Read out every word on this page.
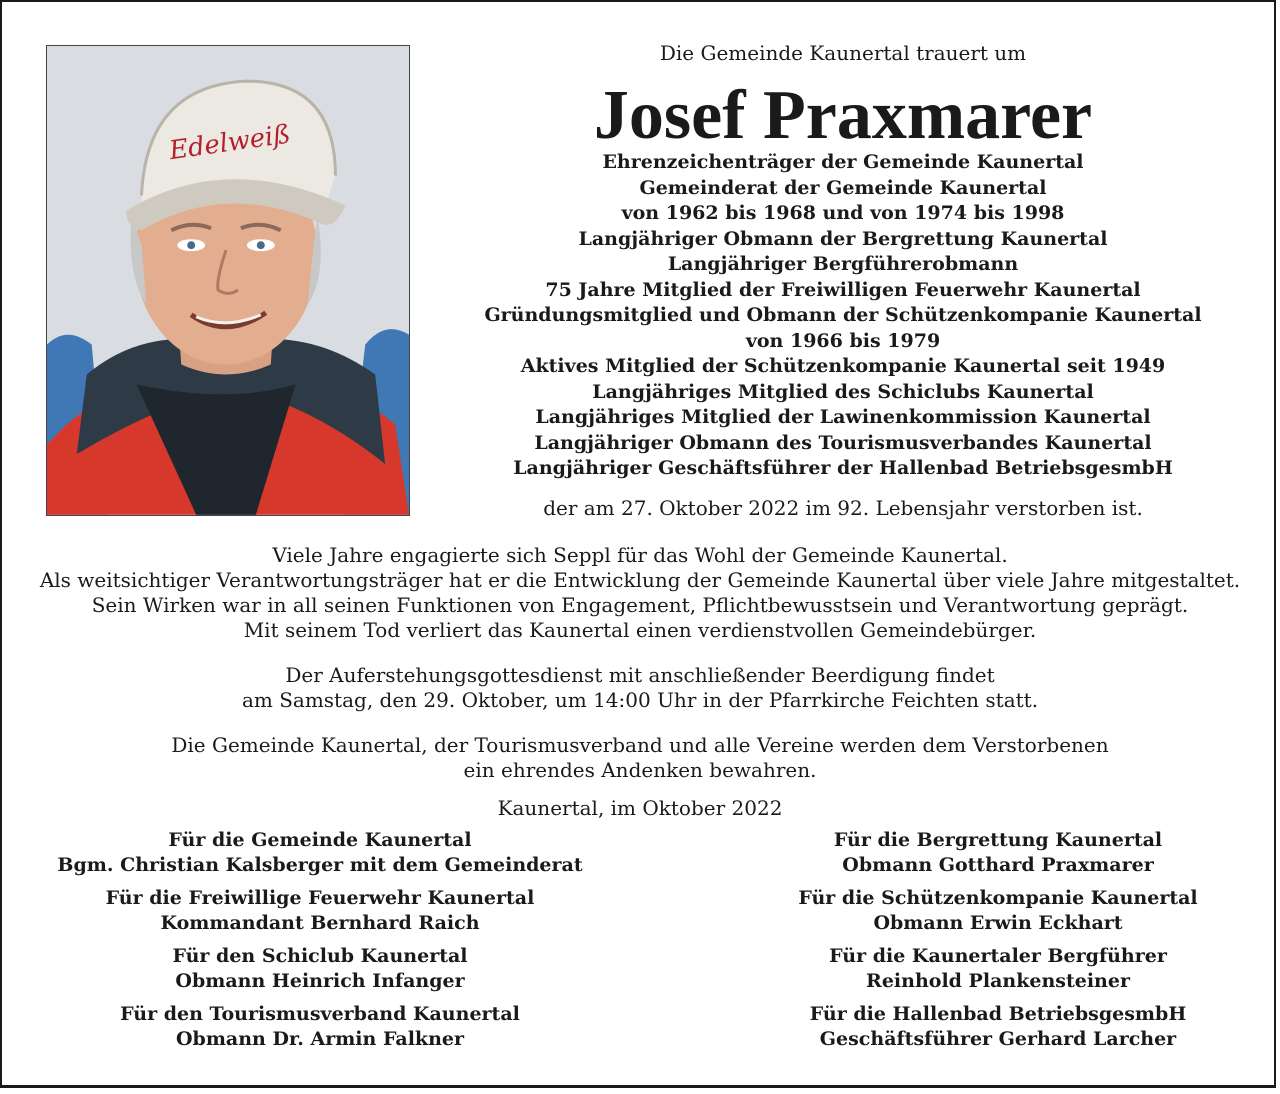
Edelweiß
Die Gemeinde Kaunertal trauert um
Josef Praxmarer
Ehrenzeichenträger der Gemeinde Kaunertal
Gemeinderat der Gemeinde Kaunertal
von 1962 bis 1968 und von 1974 bis 1998
Langjähriger Obmann der Bergrettung Kaunertal
Langjähriger Bergführerobmann
75 Jahre Mitglied der Freiwilligen Feuerwehr Kaunertal
Gründungsmitglied und Obmann der Schützenkompanie Kaunertal
von 1966 bis 1979
Aktives Mitglied der Schützenkompanie Kaunertal seit 1949
Langjähriges Mitglied des Schiclubs Kaunertal
Langjähriges Mitglied der Lawinenkommission Kaunertal
Langjähriger Obmann des Tourismusverbandes Kaunertal
Langjähriger Geschäftsführer der Hallenbad BetriebsgesmbH
der am 27. Oktober 2022 im 92. Lebensjahr verstorben ist.
Viele Jahre engagierte sich Seppl für das Wohl der Gemeinde Kaunertal.
Als weitsichtiger Verantwortungsträger hat er die Entwicklung der Gemeinde Kaunertal über viele Jahre mitgestaltet.
Sein Wirken war in all seinen Funktionen von Engagement, Pflichtbewusstsein und Verantwortung geprägt.
Mit seinem Tod verliert das Kaunertal einen verdienstvollen Gemeindebürger.
Der Auferstehungsgottesdienst mit anschließender Beerdigung findet
am Samstag, den 29. Oktober, um 14:00 Uhr in der Pfarrkirche Feichten statt.
Die Gemeinde Kaunertal, der Tourismusverband und alle Vereine werden dem Verstorbenen
ein ehrendes Andenken bewahren.
Kaunertal, im Oktober 2022
Für die Gemeinde Kaunertal
Bgm. Christian Kalsberger mit dem Gemeinderat
Für die Freiwillige Feuerwehr Kaunertal
Kommandant Bernhard Raich
Für den Schiclub Kaunertal
Obmann Heinrich Infanger
Für den Tourismusverband Kaunertal
Obmann Dr. Armin Falkner
Für die Bergrettung Kaunertal
Obmann Gotthard Praxmarer
Für die Schützenkompanie Kaunertal
Obmann Erwin Eckhart
Für die Kaunertaler Bergführer
Reinhold Plankensteiner
Für die Hallenbad BetriebsgesmbH
Geschäftsführer Gerhard Larcher
